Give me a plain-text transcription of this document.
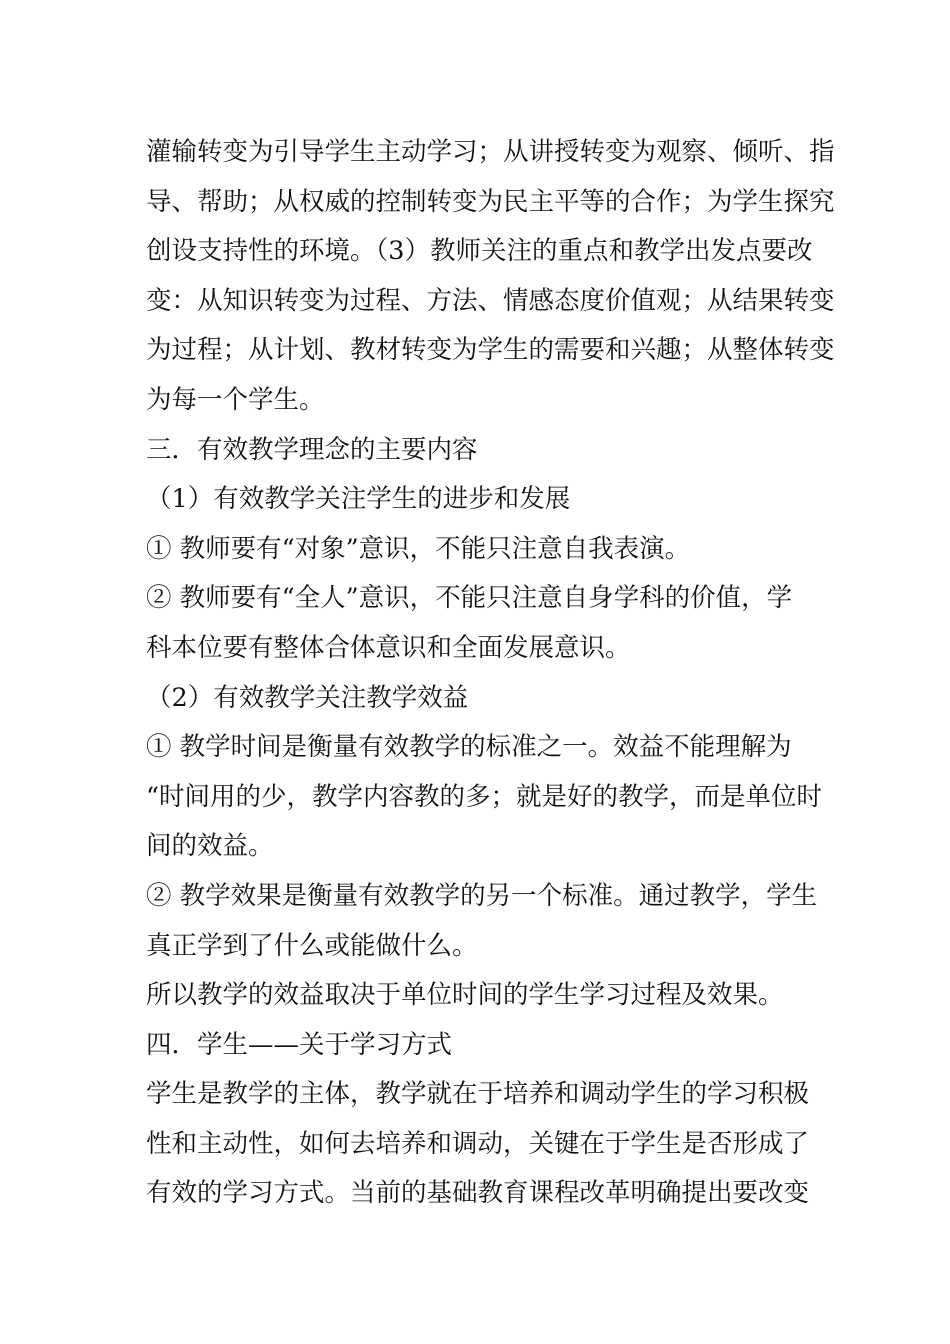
灌输转变为引导学生主动学习；从讲授转变为观察、倾听、指
导、帮助；从权威的控制转变为民主平等的合作；为学生探究
创设支持性的环境。（3）教师关注的重点和教学出发点要改
变：从知识转变为过程、方法、情感态度价值观；从结果转变
为过程；从计划、教材转变为学生的需要和兴趣；从整体转变
为每一个学生。
三．有效教学理念的主要内容
（1）有效教学关注学生的进步和发展
① 教师要有“对象”意识，不能只注意自我表演。
② 教师要有“全人”意识，不能只注意自身学科的价值，学
科本位要有整体合体意识和全面发展意识。
（2）有效教学关注教学效益
① 教学时间是衡量有效教学的标准之一。效益不能理解为
“时间用的少，教学内容教的多；就是好的教学，而是单位时
间的效益。
② 教学效果是衡量有效教学的另一个标准。通过教学，学生
真正学到了什么或能做什么。
所以教学的效益取决于单位时间的学生学习过程及效果。
四．学生——关于学习方式
学生是教学的主体，教学就在于培养和调动学生的学习积极
性和主动性，如何去培养和调动，关键在于学生是否形成了
有效的学习方式。当前的基础教育课程改革明确提出要改变
